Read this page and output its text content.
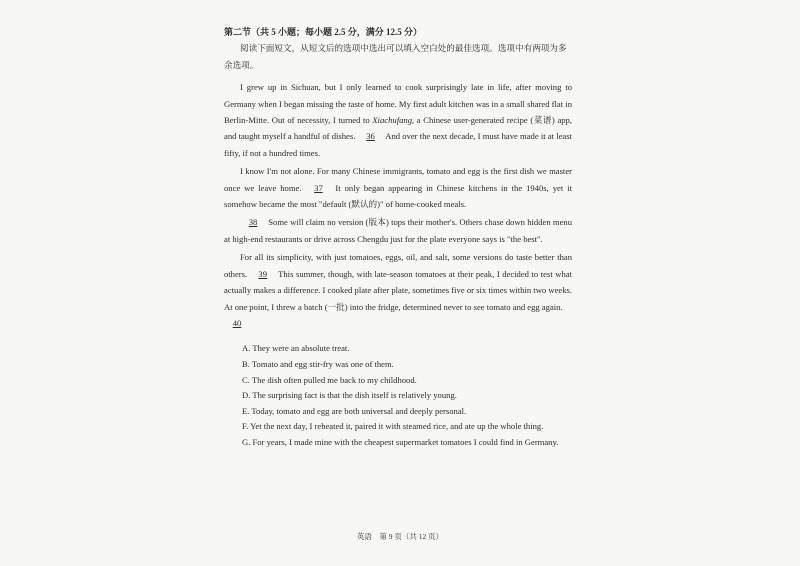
第二节（共 5 小题；每小题 2.5 分，满分 12.5 分）

阅读下面短文，从短文后的选项中选出可以填入空白处的最佳选项。选项中有两项为多余选项。

I grew up in Sichuan, but I only learned to cook surprisingly late in life, after moving to Germany when I began missing the taste of home. My first adult kitchen was in a small shared flat in Berlin-Mitte. Out of necessity, I turned to Xiachufang, a Chinese user-generated recipe (菜谱) app, and taught myself a handful of dishes. 36 And over the next decade, I must have made it at least fifty, if not a hundred times.

I know I'm not alone. For many Chinese immigrants, tomato and egg is the first dish we master once we leave home. 37 It only began appearing in Chinese kitchens in the 1940s, yet it somehow became the most "default (默认的)" of home-cooked meals.

38 Some will claim no version (版本) tops their mother's. Others chase down hidden menu at high-end restaurants or drive across Chengdu just for the plate everyone says is "the best".

For all its simplicity, with just tomatoes, eggs, oil, and salt, some versions do taste better than others. 39 This summer, though, with late-season tomatoes at their peak, I decided to test what actually makes a difference. I cooked plate after plate, sometimes five or six times within two weeks. At one point, I threw a batch (一批) into the fridge, determined never to see tomato and egg again.
40

A. They were an absolute treat.
B. Tomato and egg stir-fry was one of them.
C. The dish often pulled me back to my childhood.
D. The surprising fact is that the dish itself is relatively young.
E. Today, tomato and egg are both universal and deeply personal.
F. Yet the next day, I reheated it, paired it with steamed rice, and ate up the whole thing.
G. For years, I made mine with the cheapest supermarket tomatoes I could find in Germany.
英语　第 9 页（共 12 页）
